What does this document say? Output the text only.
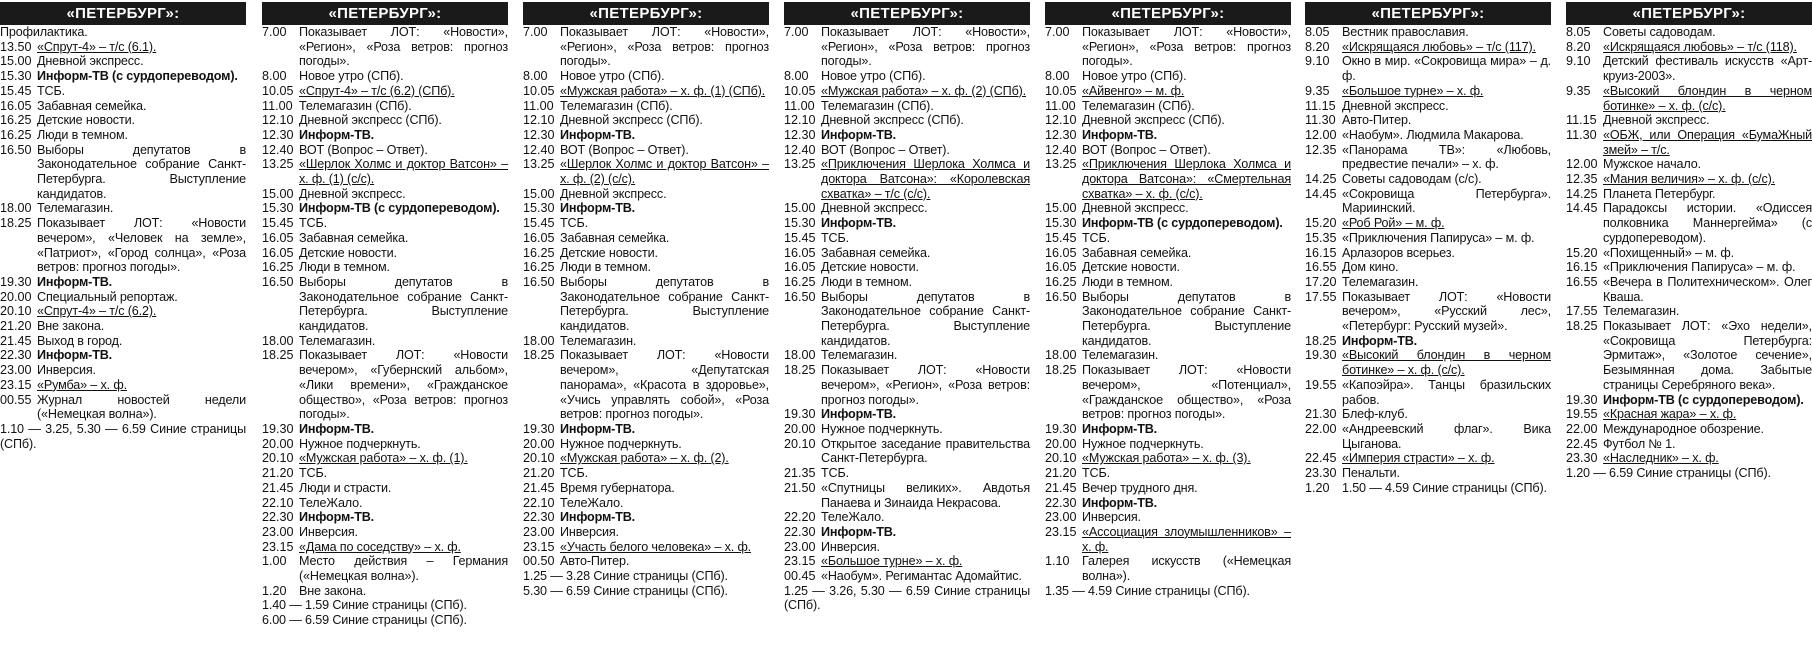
«ПЕТЕРБУРГ»:
Профилактика.
13.50 «Спрут-4» – т/с (6.1).
15.00 Дневной экспресс.
15.30 Информ-ТВ (с сурдопереводом).
15.45 ТСБ.
16.05 Забавная семейка.
16.25 Детские новости.
16.25 Люди в темном.
16.50 Выборы депутатов в Законодательное собрание Санкт-Петербурга. Выступление кандидатов.
18.00 Телемагазин.
18.25 Показывает ЛОТ: «Новости вечером», «Человек на земле», «Патриот», «Город солнца», «Роза ветров: прогноз погоды».
19.30 Информ-ТВ.
20.00 Специальный репортаж.
20.10 «Спрут-4» – т/с (6.2).
21.20 Вне закона.
21.45 Выход в город.
22.30 Информ-ТВ.
23.00 Инверсия.
23.15 «Румба» – х. ф.
00.55 Журнал новостей недели («Немецкая волна»).
1.10 — 3.25, 5.30 — 6.59 Синие страницы (СПб).
«ПЕТЕРБУРГ»:
7.00 Показывает ЛОТ: «Новости», «Регион», «Роза ветров: прогноз погоды».
8.00 Новое утро (СПб).
10.05 «Спрут-4» – т/с (6.2) (СПб).
11.00 Телемагазин (СПб).
12.10 Дневной экспресс (СПб).
12.30 Информ-ТВ.
12.40 ВОТ (Вопрос – Ответ).
13.25 «Шерлок Холмс и доктор Ватсон» – х. ф. (1) (с/с).
15.00 Дневной экспресс.
15.30 Информ-ТВ (с сурдопереводом).
15.45 ТСБ.
16.05 Забавная семейка.
16.05 Детские новости.
16.25 Люди в темном.
16.50 Выборы депутатов в Законодательное собрание Санкт-Петербурга. Выступление кандидатов.
18.00 Телемагазин.
18.25 Показывает ЛОТ: «Новости вечером», «Губернский альбом», «Лики времени», «Гражданское общество», «Роза ветров: прогноз погоды».
19.30 Информ-ТВ.
20.00 Нужное подчеркнуть.
20.10 «Мужская работа» – х. ф. (1).
21.20 ТСБ.
21.45 Люди и страсти.
22.10 ТелеЖало.
22.30 Информ-ТВ.
23.00 Инверсия.
23.15 «Дама по соседству» – х. ф.
1.00 Место действия – Германия («Немецкая волна»).
1.20 Вне закона.
1.40 — 1.59 Синие страницы (СПб).
6.00 — 6.59 Синие страницы (СПб).
«ПЕТЕРБУРГ»:
7.00 Показывает ЛОТ: «Новости», «Регион», «Роза ветров: прогноз погоды».
8.00 Новое утро (СПб).
10.05 «Мужская работа» – х. ф. (1) (СПб).
11.00 Телемагазин (СПб).
12.10 Дневной экспресс (СПб).
12.30 Информ-ТВ.
12.40 ВОТ (Вопрос – Ответ).
13.25 «Шерлок Холмс и доктор Ватсон» – х. ф. (2) (с/с).
15.00 Дневной экспресс.
15.30 Информ-ТВ.
15.45 ТСБ.
16.05 Забавная семейка.
16.25 Детские новости.
16.25 Люди в темном.
16.50 Выборы депутатов в Законодательное собрание Санкт-Петербурга. Выступление кандидатов.
18.00 Телемагазин.
18.25 Показывает ЛОТ: «Новости вечером», «Депутатская панорама», «Красота в здоровье», «Учись управлять собой», «Роза ветров: прогноз погоды».
19.30 Информ-ТВ.
20.00 Нужное подчеркнуть.
20.10 «Мужская работа» – х. ф. (2).
21.20 ТСБ.
21.45 Время губернатора.
22.10 ТелеЖало.
22.30 Информ-ТВ.
23.00 Инверсия.
23.15 «Участь белого человека» – х. ф.
00.50 Авто-Питер.
1.25 — 3.28 Синие страницы (СПб).
5.30 — 6.59 Синие страницы (СПб).
«ПЕТЕРБУРГ»:
7.00 Показывает ЛОТ: «Новости», «Регион», «Роза ветров: прогноз погоды».
8.00 Новое утро (СПб).
10.05 «Мужская работа» – х. ф. (2) (СПб).
11.00 Телемагазин (СПб).
12.10 Дневной экспресс (СПб).
12.30 Информ-ТВ.
12.40 ВОТ (Вопрос – Ответ).
13.25 «Приключения Шерлока Холмса и доктора Ватсона»: «Королевская схватка» – т/с (с/с).
15.00 Дневной экспресс.
15.30 Информ-ТВ.
15.45 ТСБ.
16.05 Забавная семейка.
16.05 Детские новости.
16.25 Люди в темном.
16.50 Выборы депутатов в Законодательное собрание Санкт-Петербурга. Выступление кандидатов.
18.00 Телемагазин.
18.25 Показывает ЛОТ: «Новости вечером», «Регион», «Роза ветров: прогноз погоды».
19.30 Информ-ТВ.
20.00 Нужное подчеркнуть.
20.10 Открытое заседание правительства Санкт-Петербурга.
21.35 ТСБ.
21.50 «Спутницы великих». Авдотья Панаева и Зинаида Некрасова.
22.20 ТелеЖало.
22.30 Информ-ТВ.
23.00 Инверсия.
23.15 «Большое турне» – х. ф.
00.45 «Наобум». Регимантас Адомайтис.
1.25 — 3.26, 5.30 — 6.59 Синие страницы (СПб).
«ПЕТЕРБУРГ»:
7.00 Показывает ЛОТ: «Новости», «Регион», «Роза ветров: прогноз погоды».
8.00 Новое утро (СПб).
10.05 «Айвенго» – м. ф.
11.00 Телемагазин (СПб).
12.10 Дневной экспресс (СПб).
12.30 Информ-ТВ.
12.40 ВОТ (Вопрос – Ответ).
13.25 «Приключения Шерлока Холмса и доктора Ватсона»: «Смертельная схватка» – х. ф. (с/с).
15.00 Дневной экспресс.
15.30 Информ-ТВ (с сурдопереводом).
15.45 ТСБ.
16.05 Забавная семейка.
16.05 Детские новости.
16.25 Люди в темном.
16.50 Выборы депутатов в Законодательное собрание Санкт-Петербурга. Выступление кандидатов.
18.00 Телемагазин.
18.25 Показывает ЛОТ: «Новости вечером», «Потенциал», «Гражданское общество», «Роза ветров: прогноз погоды».
19.30 Информ-ТВ.
20.00 Нужное подчеркнуть.
20.10 «Мужская работа» – х. ф. (3).
21.20 ТСБ.
21.45 Вечер трудного дня.
22.30 Информ-ТВ.
23.00 Инверсия.
23.15 «Ассоциация злоумышленников» – х. ф.
1.10 Галерея искусств («Немецкая волна»).
1.35 — 4.59 Синие страницы (СПб).
«ПЕТЕРБУРГ»:
8.05 Вестник православия.
8.20 «Искрящаяся любовь» – т/с (117).
9.10 Окно в мир. «Сокровища мира» – д. ф.
9.35 «Большое турне» – х. ф.
11.15 Дневной экспресс.
11.30 Авто-Питер.
12.00 «Наобум». Людмила Макарова.
12.35 «Панорама ТВ»: «Любовь, предвестие печали» – х. ф.
14.25 Советы садоводам (с/с).
14.45 «Сокровища Петербурга». Мариинский.
15.20 «Роб Рой» – м. ф.
15.35 «Приключения Папируса» – м. ф.
16.15 Арлазоров всерьез.
16.55 Дом кино.
17.20 Телемагазин.
17.55 Показывает ЛОТ: «Новости вечером», «Русский лес», «Петербург: Русский музей».
18.25 Информ-ТВ.
19.30 «Высокий блондин в черном ботинке» – х. ф. (с/с).
19.55 «Капоэйра». Танцы бразильских рабов.
21.30 Блеф-клуб.
22.00 «Андреевский флаг». Вика Цыганова.
22.45 «Империя страсти» – х. ф.
23.30 Пенальти.
1.20 1.50 — 4.59 Синие страницы (СПб).
«ПЕТЕРБУРГ»:
8.05 Советы садоводам.
8.20 «Искрящаяся любовь» – т/с (118).
9.10 Детский фестиваль искусств «Арт-круиз-2003».
9.35 «Высокий блондин в черном ботинке» – х. ф. (с/с).
11.15 Дневной экспресс.
11.30 «ОБЖ, или Операция «БумаЖный змей» – т/с.
12.00 Мужское начало.
12.35 «Мания величия» – х. ф. (с/с).
14.25 Планета Петербург.
14.45 Парадоксы истории. «Одиссея полковника Маннергейма» (с сурдопереводом).
15.20 «Похищенный» – м. ф.
16.15 «Приключения Папируса» – м. ф.
16.55 «Вечера в Политехническом». Олег Кваша.
17.55 Телемагазин.
18.25 Показывает ЛОТ: «Эхо недели», «Сокровища Петербурга: Эрмитаж», «Золотое сечение», Безымянная дома. Забытые страницы Серебряного века».
19.30 Информ-ТВ (с сурдопереводом).
19.55 «Красная жара» – х. ф.
22.00 Международное обозрение.
22.45 Футбол № 1.
23.30 «Наследник» – х. ф.
1.20 — 6.59 Синие страницы (СПб).
